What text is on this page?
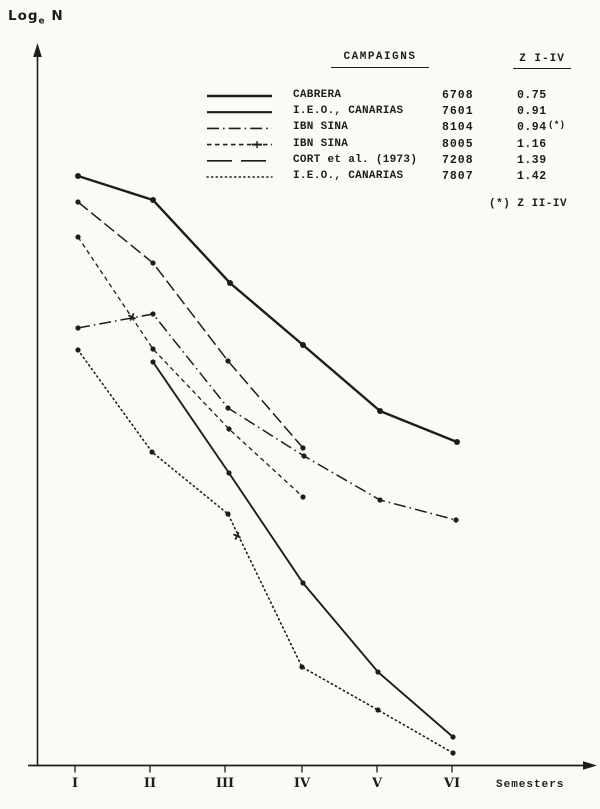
Log$_e$ N
CAMPAIGNS	Z I-IV
CABRERA	6708	0.75
I.E.O., CANARIAS	7601	0.91
IBN SINA	8104	0.94 (*)
IBN SINA	8005	1.16
CORT et al. (1973) 7208	1.39
I.E.O., CANARIAS	7807	1.42
(*) Z II-IV
I	II	III	IV	V	VI	Semesters
